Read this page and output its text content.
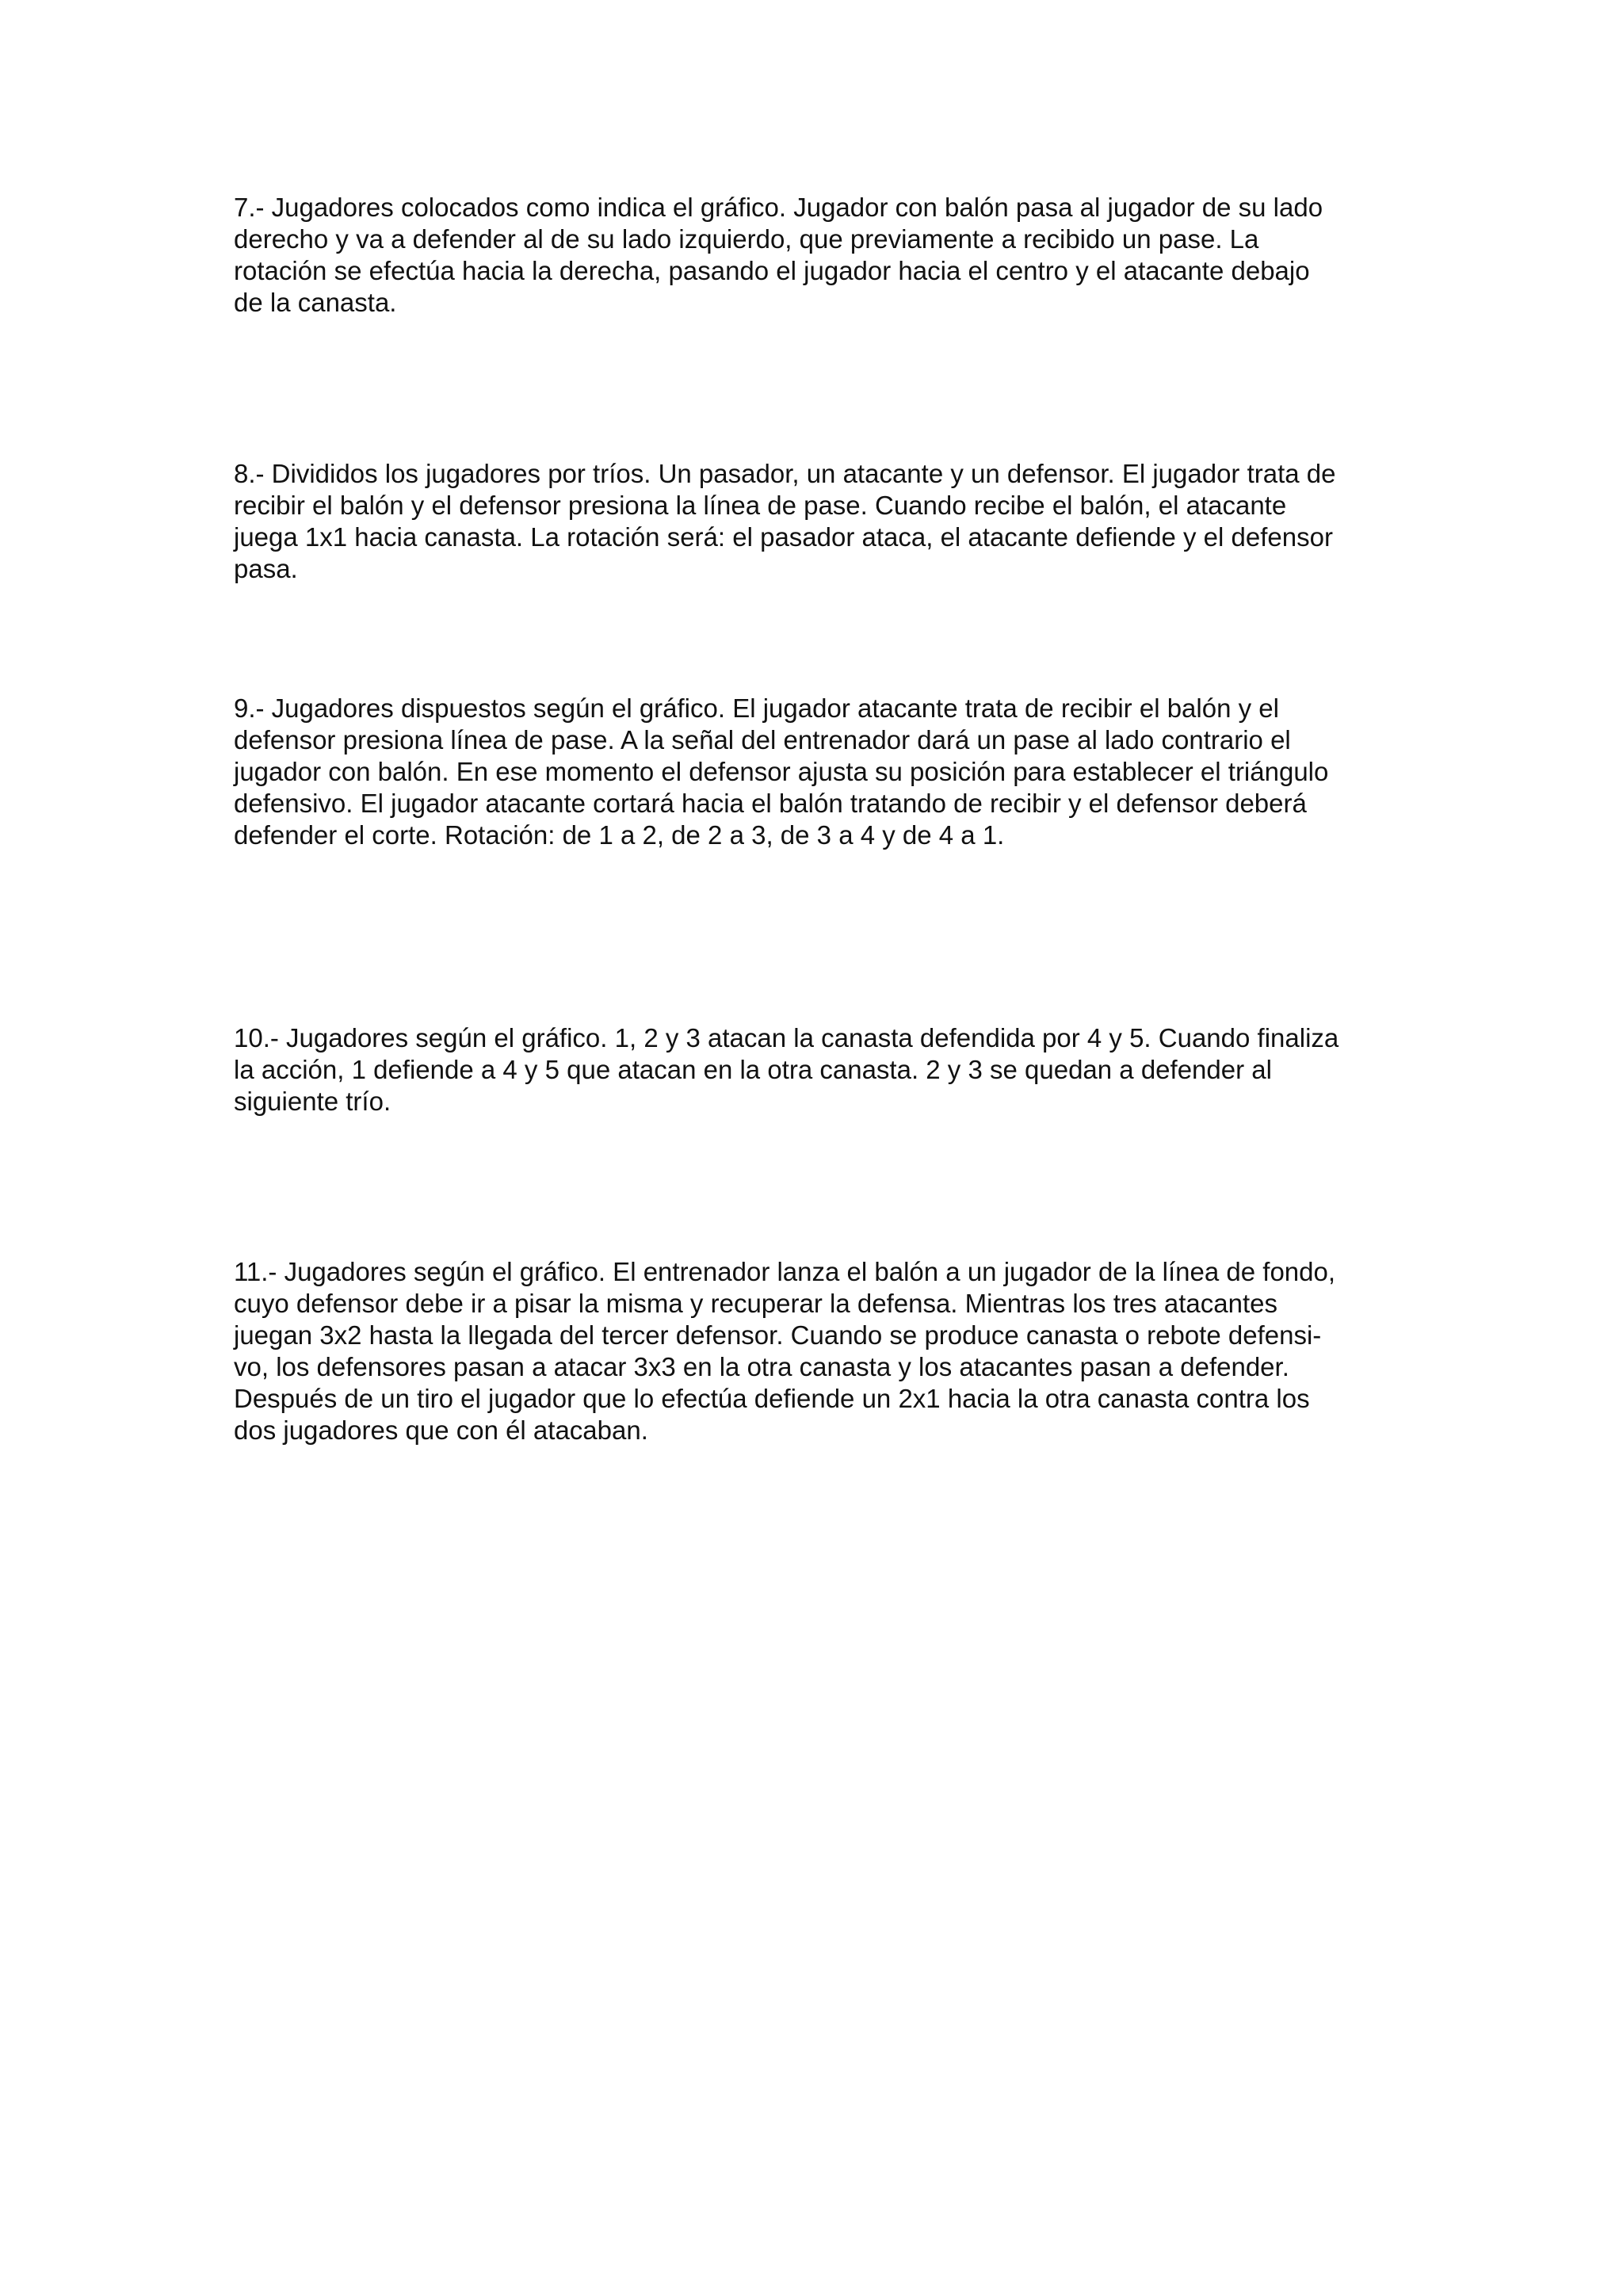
7.- Jugadores colocados como indica el gráfico. Jugador con balón pasa al jugador de su lado
derecho y va a defender al de su lado izquierdo, que previamente a recibido un pase. La
rotación se efectúa hacia la derecha, pasando el jugador hacia el centro y el atacante debajo
de la canasta.

8.- Divididos los jugadores por tríos. Un pasador, un atacante y un defensor. El jugador trata de
recibir el balón y el defensor presiona la línea de pase. Cuando recibe el balón, el atacante
juega 1x1 hacia canasta. La rotación será: el pasador ataca, el atacante defiende y el defensor
pasa.

9.- Jugadores dispuestos según el gráfico. El jugador atacante trata de recibir el balón y el
defensor presiona línea de pase. A la señal del entrenador dará un pase al lado contrario el
jugador con balón. En ese momento el defensor ajusta su posición para establecer el triángulo
defensivo. El jugador atacante cortará hacia el balón tratando de recibir y el defensor deberá
defender el corte. Rotación: de 1 a 2, de 2 a 3, de 3 a 4 y de 4 a 1.

10.- Jugadores según el gráfico. 1, 2 y 3 atacan la canasta defendida por 4 y 5. Cuando finaliza
la acción, 1 defiende a 4 y 5 que atacan en la otra canasta. 2 y 3 se quedan a defender al
siguiente trío.

11.- Jugadores según el gráfico. El entrenador lanza el balón a un jugador de la línea de fondo,
cuyo defensor debe ir a pisar la misma y recuperar la defensa. Mientras los tres atacantes
juegan 3x2 hasta la llegada del tercer defensor. Cuando se produce canasta o rebote defensi-
vo, los defensores pasan a atacar 3x3 en la otra canasta y los atacantes pasan a defender.
Después de un tiro el jugador que lo efectúa defiende un 2x1 hacia la otra canasta contra los
dos jugadores que con él atacaban.
